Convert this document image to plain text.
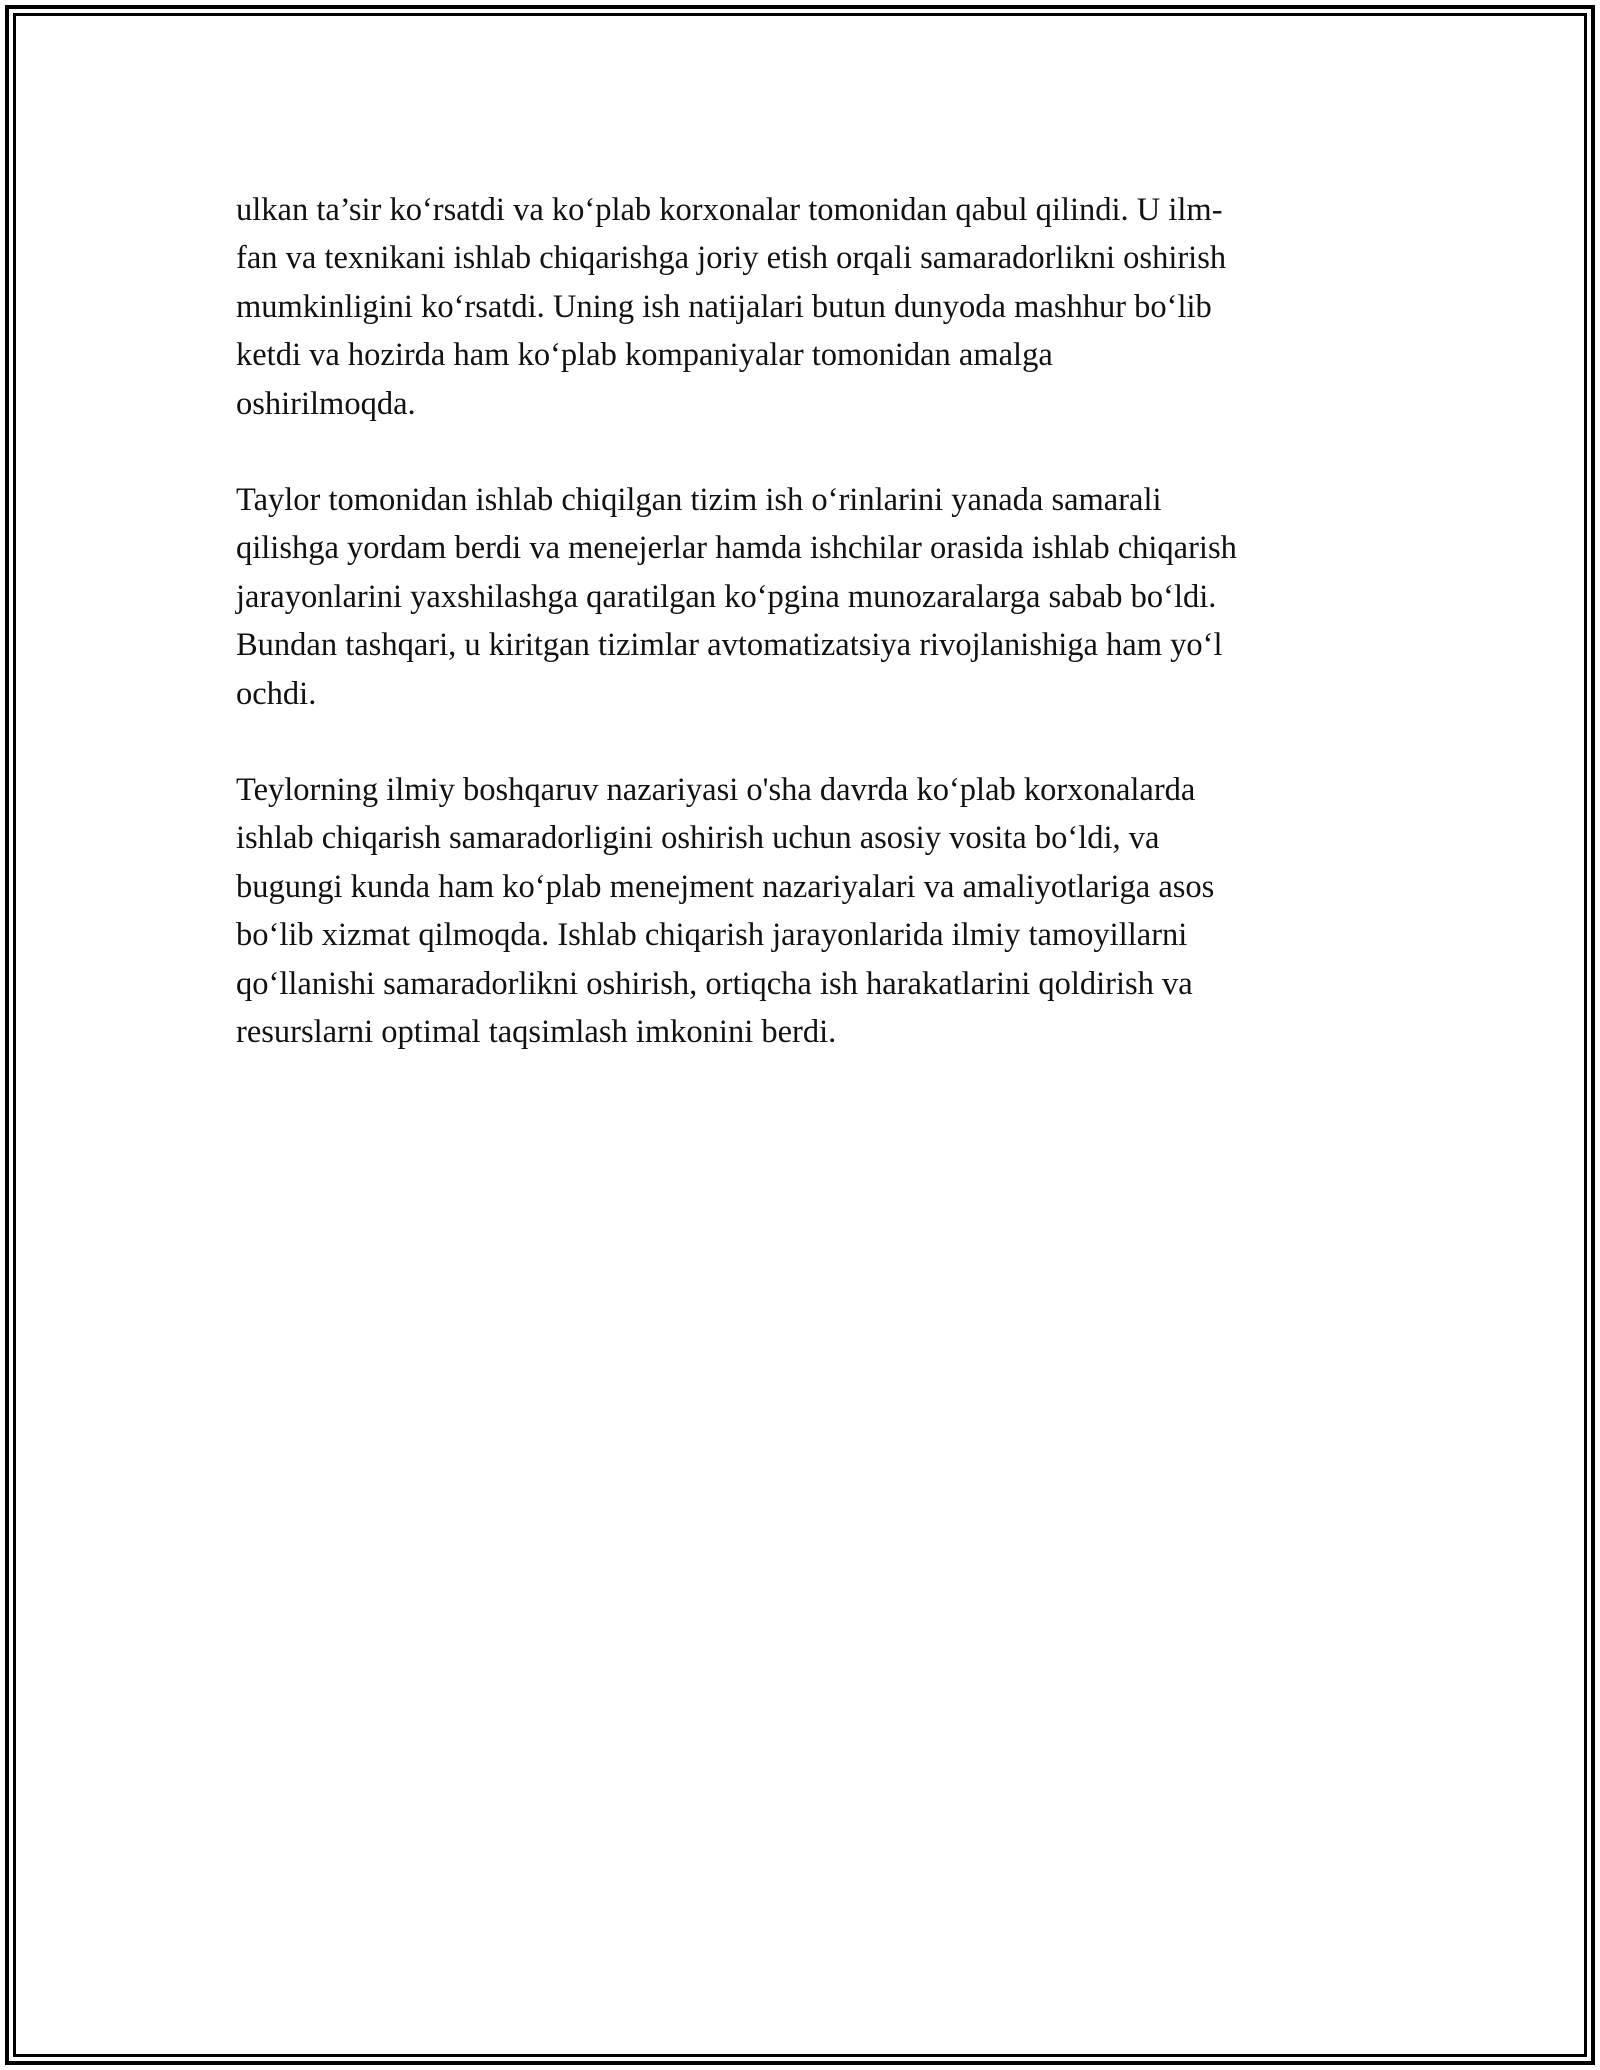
ulkan ta’sir ko‘rsatdi va ko‘plab korxonalar tomonidan qabul qilindi. U ilm-
fan va texnikani ishlab chiqarishga joriy etish orqali samaradorlikni oshirish
mumkinligini ko‘rsatdi. Uning ish natijalari butun dunyoda mashhur bo‘lib
ketdi va hozirda ham ko‘plab kompaniyalar tomonidan amalga
oshirilmoqda.

Taylor tomonidan ishlab chiqilgan tizim ish o‘rinlarini yanada samarali
qilishga yordam berdi va menejerlar hamda ishchilar orasida ishlab chiqarish
jarayonlarini yaxshilashga qaratilgan ko‘pgina munozaralarga sabab bo‘ldi.
Bundan tashqari, u kiritgan tizimlar avtomatizatsiya rivojlanishiga ham yo‘l
ochdi.

Teylorning ilmiy boshqaruv nazariyasi o'sha davrda ko‘plab korxonalarda
ishlab chiqarish samaradorligini oshirish uchun asosiy vosita bo‘ldi, va
bugungi kunda ham ko‘plab menejment nazariyalari va amaliyotlariga asos
bo‘lib xizmat qilmoqda. Ishlab chiqarish jarayonlarida ilmiy tamoyillarni
qo‘llanishi samaradorlikni oshirish, ortiqcha ish harakatlarini qoldirish va
resurslarni optimal taqsimlash imkonini berdi.
